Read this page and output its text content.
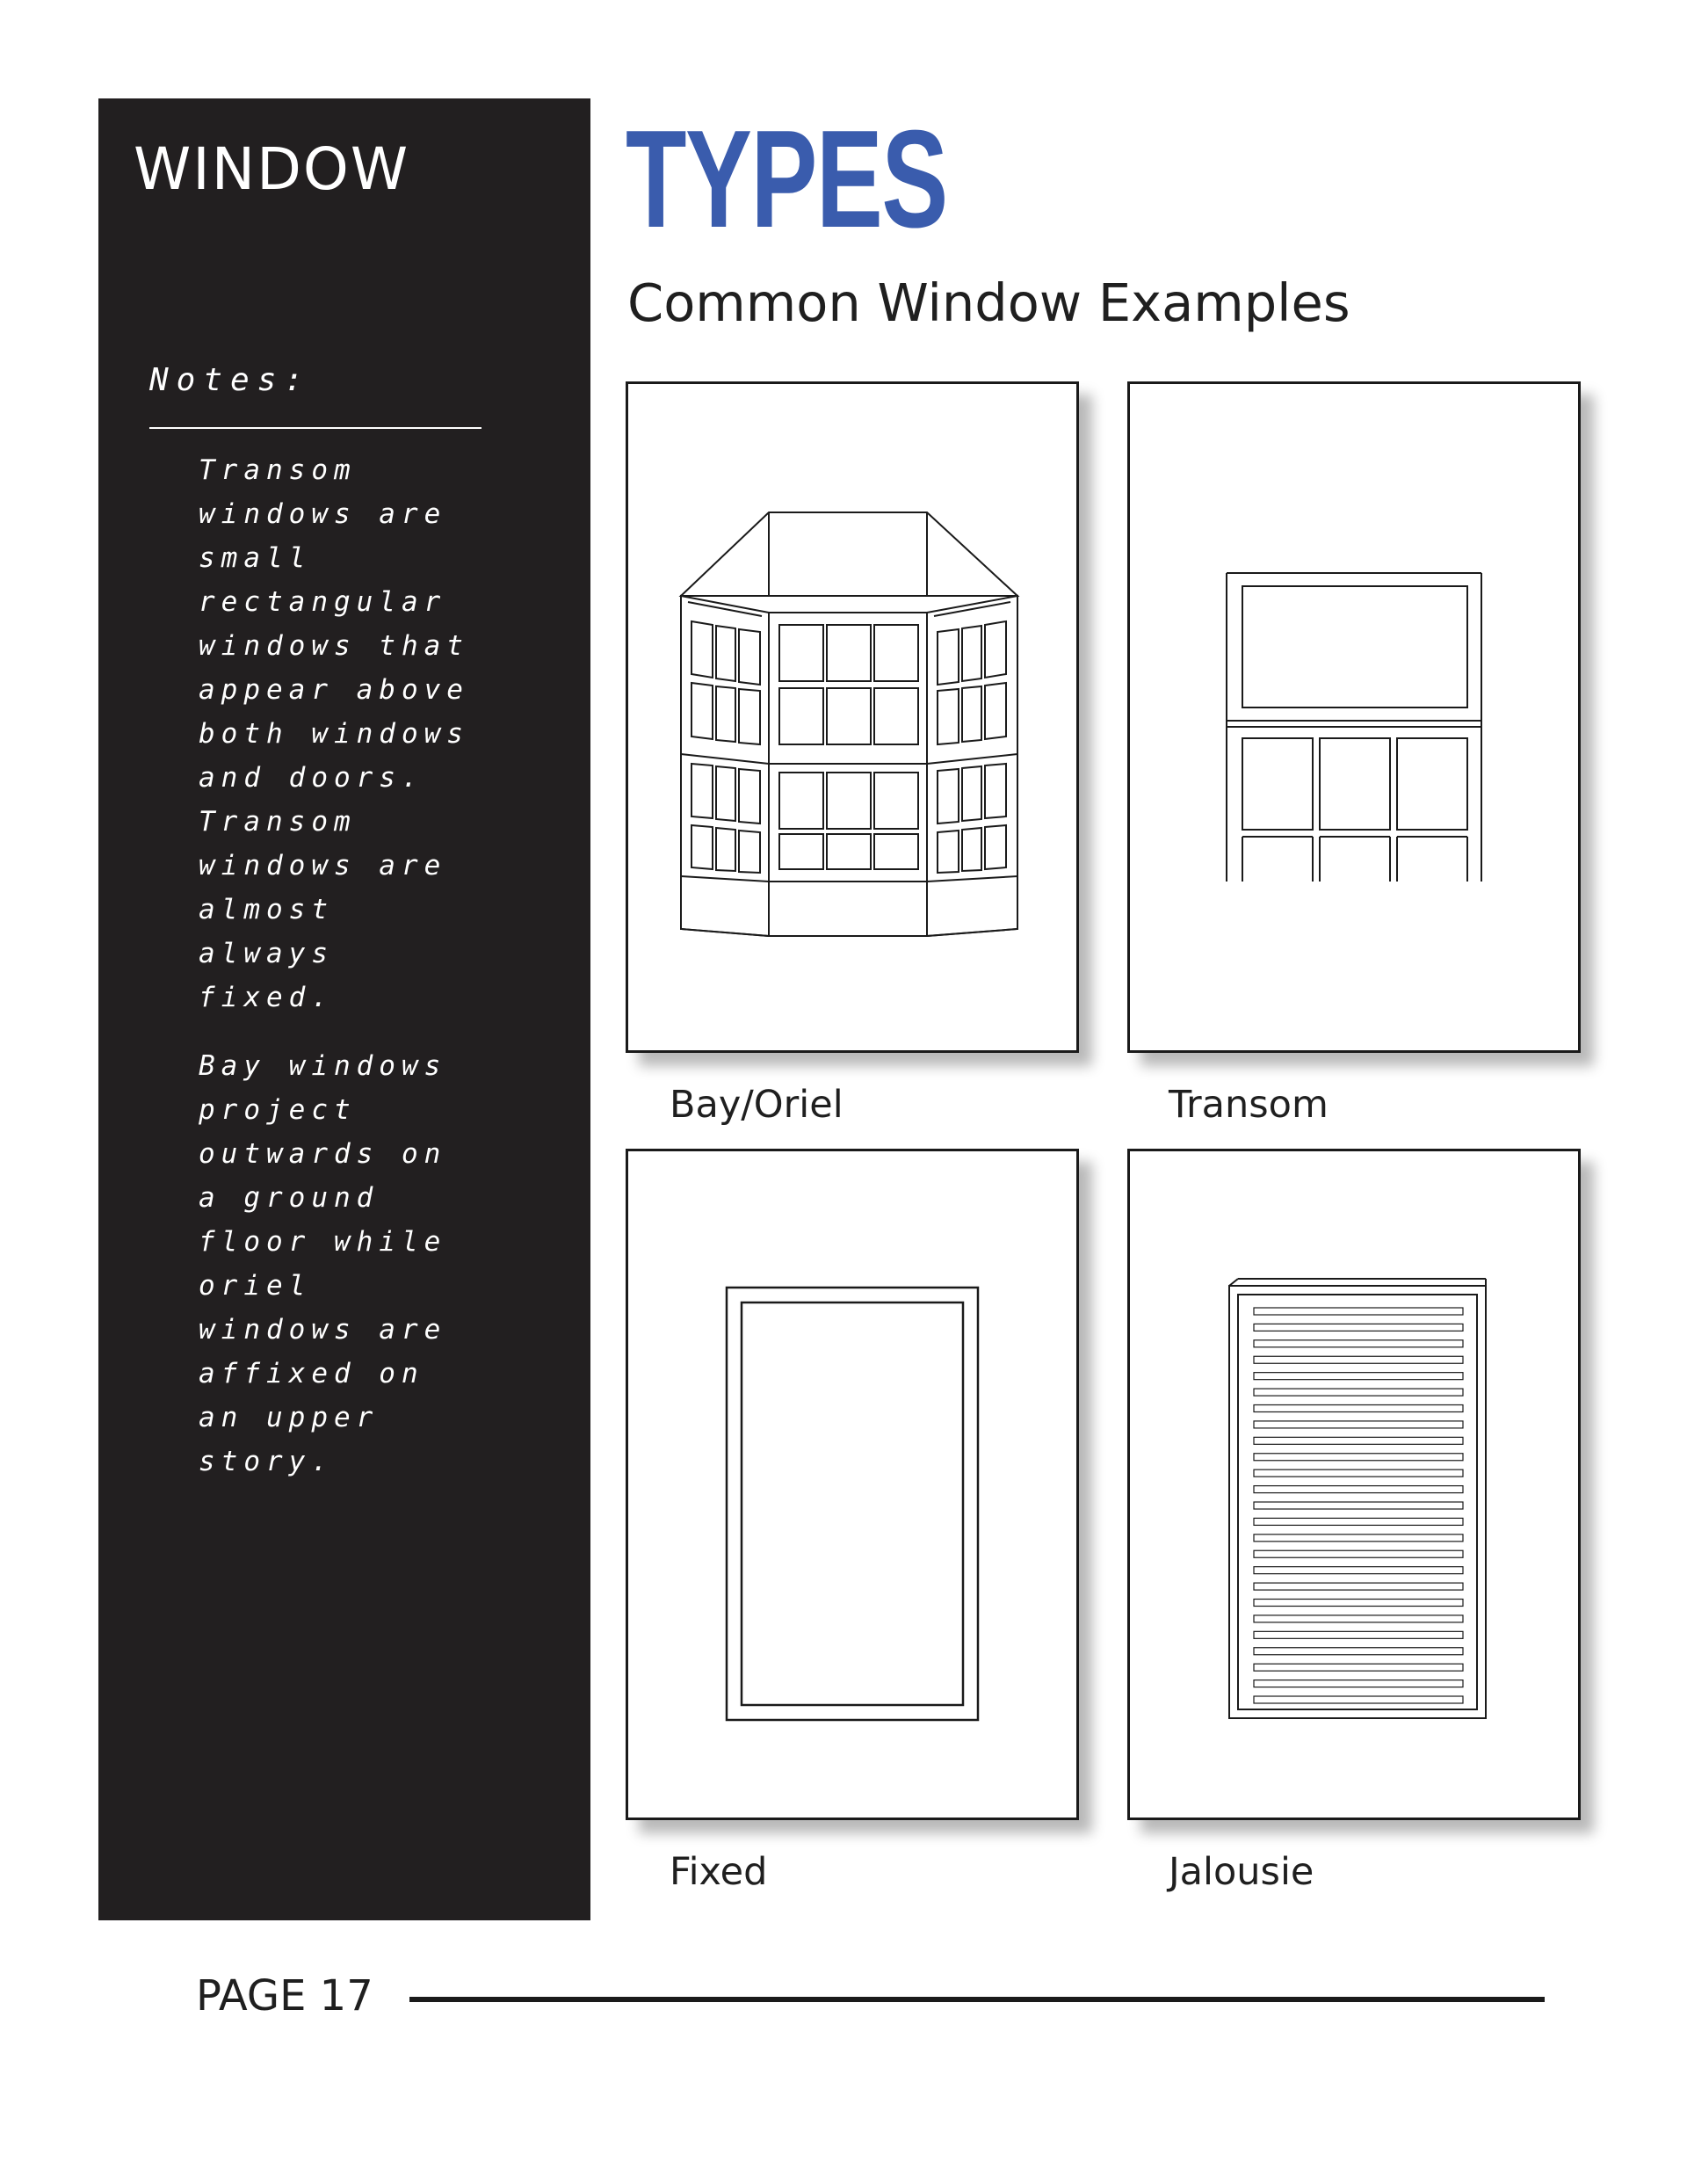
WINDOW
Notes:

Transom windows are small rectangular windows that appear above both windows and doors. Transom windows are almost always fixed.

Bay windows project outwards on a ground floor while oriel windows are affixed on an upper story.

TYPES
Common Window Examples
Bay/Oriel	Transom
Fixed	Jalousie
PAGE 17
